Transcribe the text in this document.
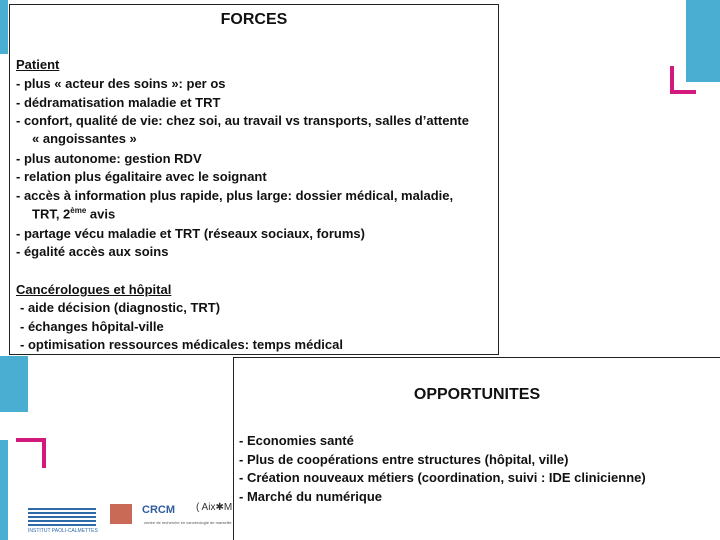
FORCES
Patient
- plus « acteur des soins »: per os
- dédramatisation maladie et TRT
- confort, qualité de vie: chez soi, au travail vs transports, salles d’attente
« angoissantes »
- plus autonome: gestion RDV
- relation plus égalitaire avec le soignant
- accès à information plus rapide, plus large: dossier médical, maladie,
TRT, 2ème avis
- partage vécu maladie et TRT (réseaux sociaux, forums)
- égalité accès aux soins
Cancérologues et hôpital
- aide décision (diagnostic, TRT)
- échanges hôpital-ville
- optimisation ressources médicales: temps médical
OPPORTUNITES
- Economies santé
- Plus de coopérations entre structures (hôpital, ville)
- Création nouveaux métiers (coordination, suivi : IDE clinicienne)
- Marché du numérique
INSTITUT PAOLI-CALMETTES
CRCM
centre de recherche en cancérologie de marseille
( Aix✱M
